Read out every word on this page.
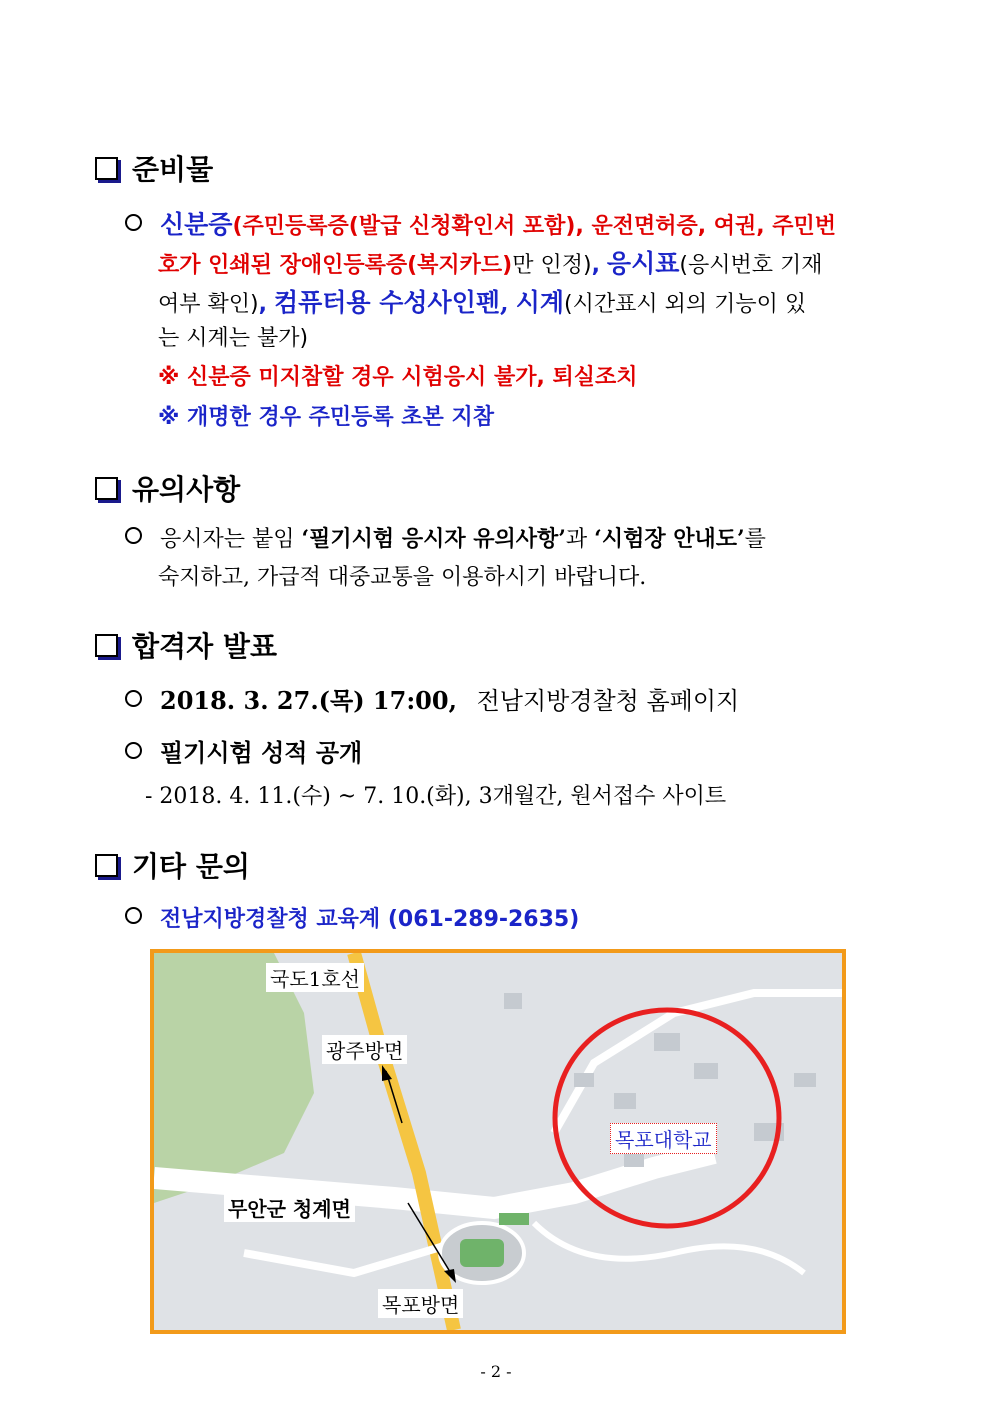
준비물
신분증(주민등록증(발급 신청확인서 포함), 운전면허증, 여권, 주민번
호가 인쇄된 장애인등록증(복지카드)만 인정), 응시표(응시번호 기재
여부 확인), 컴퓨터용 수성사인펜, 시계(시간표시 외의 기능이 있
는 시계는 불가)
※ 신분증 미지참할 경우 시험응시 불가, 퇴실조치
※ 개명한 경우 주민등록 초본 지참
유의사항
응시자는 붙임 ‘필기시험 응시자 유의사항’과 ‘시험장 안내도’를
숙지하고, 가급적 대중교통을 이용하시기 바랍니다.
합격자 발표
2018. 3. 27.(목) 17:00, 전남지방경찰청 홈페이지
필기시험 성적 공개
- 2018. 4. 11.(수) ~ 7. 10.(화), 3개월간, 원서접수 사이트
기타 문의
전남지방경찰청 교육계 (061-289-2635)
국도1호선
광주방면
무안군 청계면
목포방면
목포대학교
- 2 -
